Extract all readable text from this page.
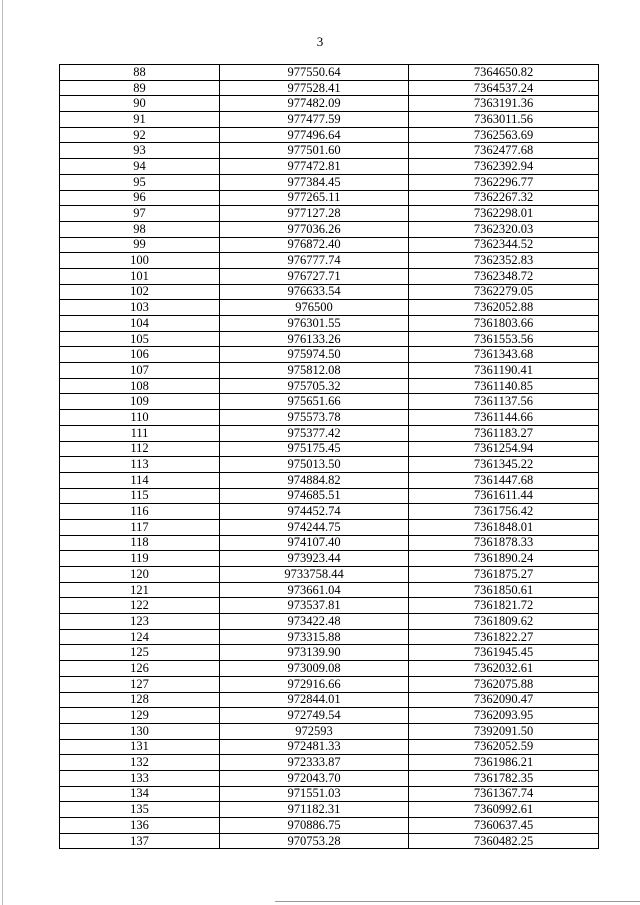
3
88	977550.64	7364650.82
89	977528.41	7364537.24
90	977482.09	7363191.36
91	977477.59	7363011.56
92	977496.64	7362563.69
93	977501.60	7362477.68
94	977472.81	7362392.94
95	977384.45	7362296.77
96	977265.11	7362267.32
97	977127.28	7362298.01
98	977036.26	7362320.03
99	976872.40	7362344.52
100	976777.74	7362352.83
101	976727.71	7362348.72
102	976633.54	7362279.05
103	976500	7362052.88
104	976301.55	7361803.66
105	976133.26	7361553.56
106	975974.50	7361343.68
107	975812.08	7361190.41
108	975705.32	7361140.85
109	975651.66	7361137.56
110	975573.78	7361144.66
111	975377.42	7361183.27
112	975175.45	7361254.94
113	975013.50	7361345.22
114	974884.82	7361447.68
115	974685.51	7361611.44
116	974452.74	7361756.42
117	974244.75	7361848.01
118	974107.40	7361878.33
119	973923.44	7361890.24
120	9733758.44	7361875.27
121	973661.04	7361850.61
122	973537.81	7361821.72
123	973422.48	7361809.62
124	973315.88	7361822.27
125	973139.90	7361945.45
126	973009.08	7362032.61
127	972916.66	7362075.88
128	972844.01	7362090.47
129	972749.54	7362093.95
130	972593	7392091.50
131	972481.33	7362052.59
132	972333.87	7361986.21
133	972043.70	7361782.35
134	971551.03	7361367.74
135	971182.31	7360992.61
136	970886.75	7360637.45
137	970753.28	7360482.25
